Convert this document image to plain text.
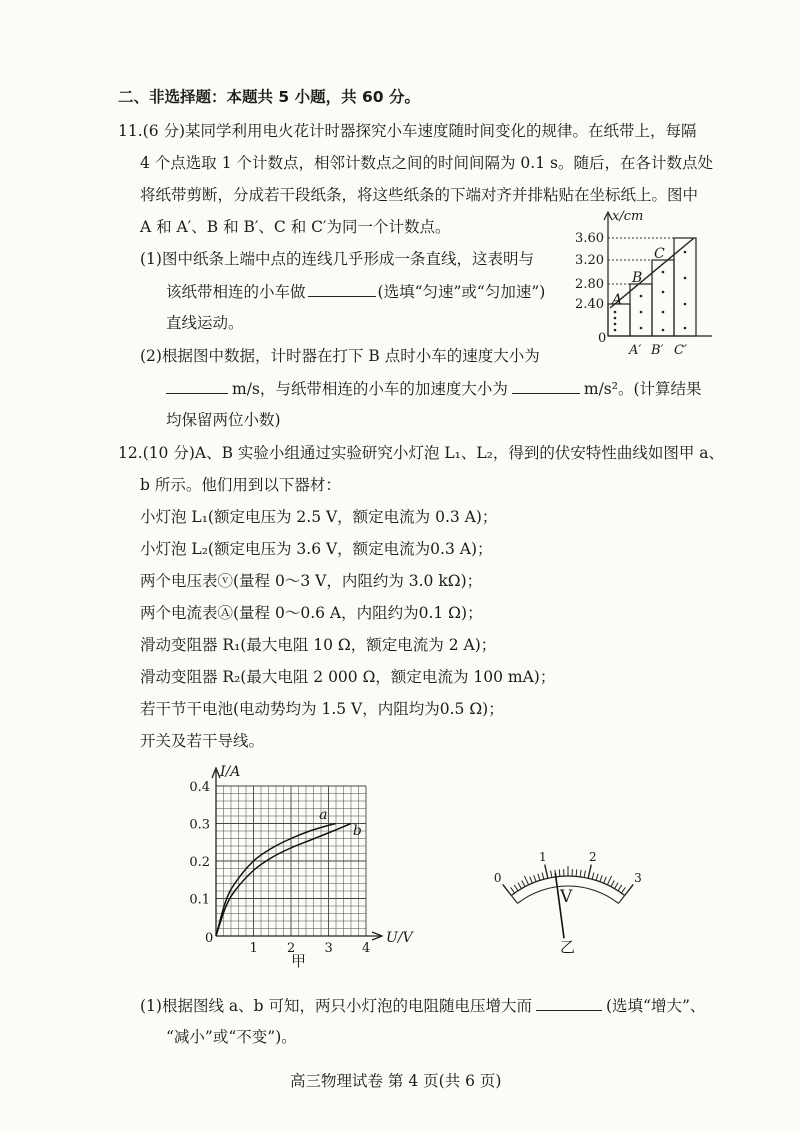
二、非选择题：本题共 5 小题，共 60 分。
11.(6 分)某同学利用电火花计时器探究小车速度随时间变化的规律。在纸带上，每隔
4 个点选取 1 个计数点，相邻计数点之间的时间间隔为 0.1 s。随后，在各计数点处
将纸带剪断，分成若干段纸条，将这些纸条的下端对齐并排粘贴在坐标纸上。图中
A 和 A′、B 和 B′、C 和 C′为同一个计数点。
(1)图中纸条上端中点的连线几乎形成一条直线，这表明与
该纸带相连的小车做	(选填“匀速”或“匀加速”)
直线运动。
(2)根据图中数据，计时器在打下 B 点时小车的速度大小为
m/s，与纸带相连的小车的加速度大小为	m/s²。(计算结果
均保留两位小数)
x/cm
3.60
3.20
2.80
2.40
0
A
B
C
A′ B′ C′
12.(10 分)A、B 实验小组通过实验研究小灯泡 L₁、L₂，得到的伏安特性曲线如图甲 a、
b 所示。他们用到以下器材：
小灯泡 L₁(额定电压为 2.5 V，额定电流为 0.3 A)；
小灯泡 L₂(额定电压为 3.6 V，额定电流为0.3 A)；
两个电压表ⓥ(量程 0～3 V，内阻约为 3.0 kΩ)；
两个电流表Ⓐ(量程 0～0.6 A，内阻约为0.1 Ω)；
滑动变阻器 R₁(最大电阻 10 Ω，额定电流为 2 A)；
滑动变阻器 R₂(最大电阻 2 000 Ω，额定电流为 100 mA)；
若干节干电池(电动势均为 1.5 V，内阻均为0.5 Ω)；
开关及若干导线。
a
b
1 2 3 4
0.1
0.2
0.3
0.4
I/A
U/V
0
甲
0
1	2
3
V
乙
(1)根据图线 a、b 可知，两只小灯泡的电阻随电压增大而	(选填“增大”、
“减小”或“不变”)。
高三物理试卷 第 4 页(共 6 页)
